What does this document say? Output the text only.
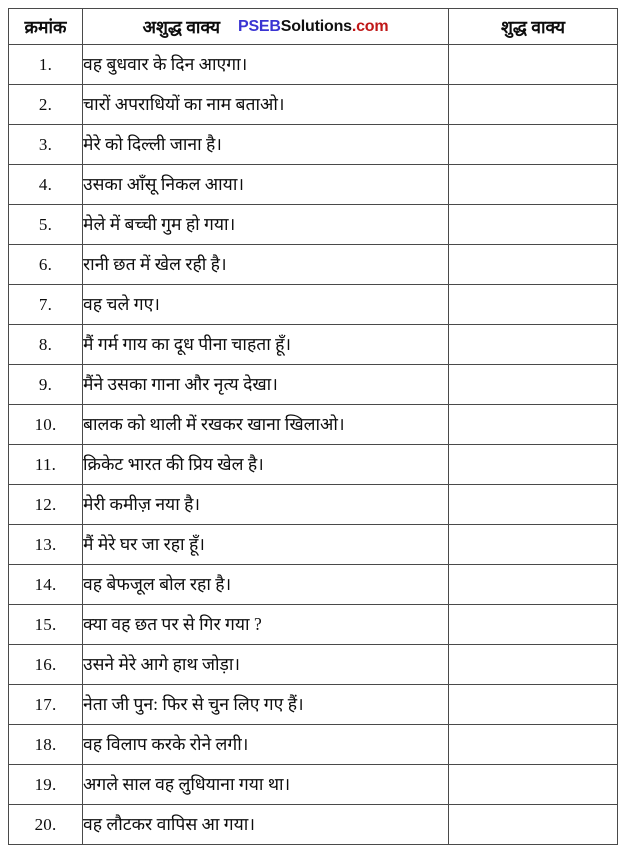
क्रमांक	अशुद्ध वाक्य PSEBSolutions.com	शुद्ध वाक्य

1.	वह बुधवार के दिन आएगा।	
2.	चारों अपराधियों का नाम बताओ।	
3.	मेरे को दिल्ली जाना है।	
4.	उसका आँसू निकल आया।	
5.	मेले में बच्ची गुम हो गया।	
6.	रानी छत में खेल रही है।	
7.	वह चले गए।	
8.	मैं गर्म गाय का दूध पीना चाहता हूँ।	
9.	मैंने उसका गाना और नृत्य देखा।	
10.	बालक को थाली में रखकर खाना खिलाओ।	
11.	क्रिकेट भारत की प्रिय खेल है।	
12.	मेरी कमीज़ नया है।	
13.	मैं मेरे घर जा रहा हूँ।	
14.	वह बेफजूल बोल रहा है।	
15.	क्या वह छत पर से गिर गया ?	
16.	उसने मेरे आगे हाथ जोड़ा।	
17.	नेता जी पुन: फिर से चुन लिए गए हैं।	
18.	वह विलाप करके रोने लगी।	
19.	अगले साल वह लुधियाना गया था।	
20.	वह लौटकर वापिस आ गया।	
